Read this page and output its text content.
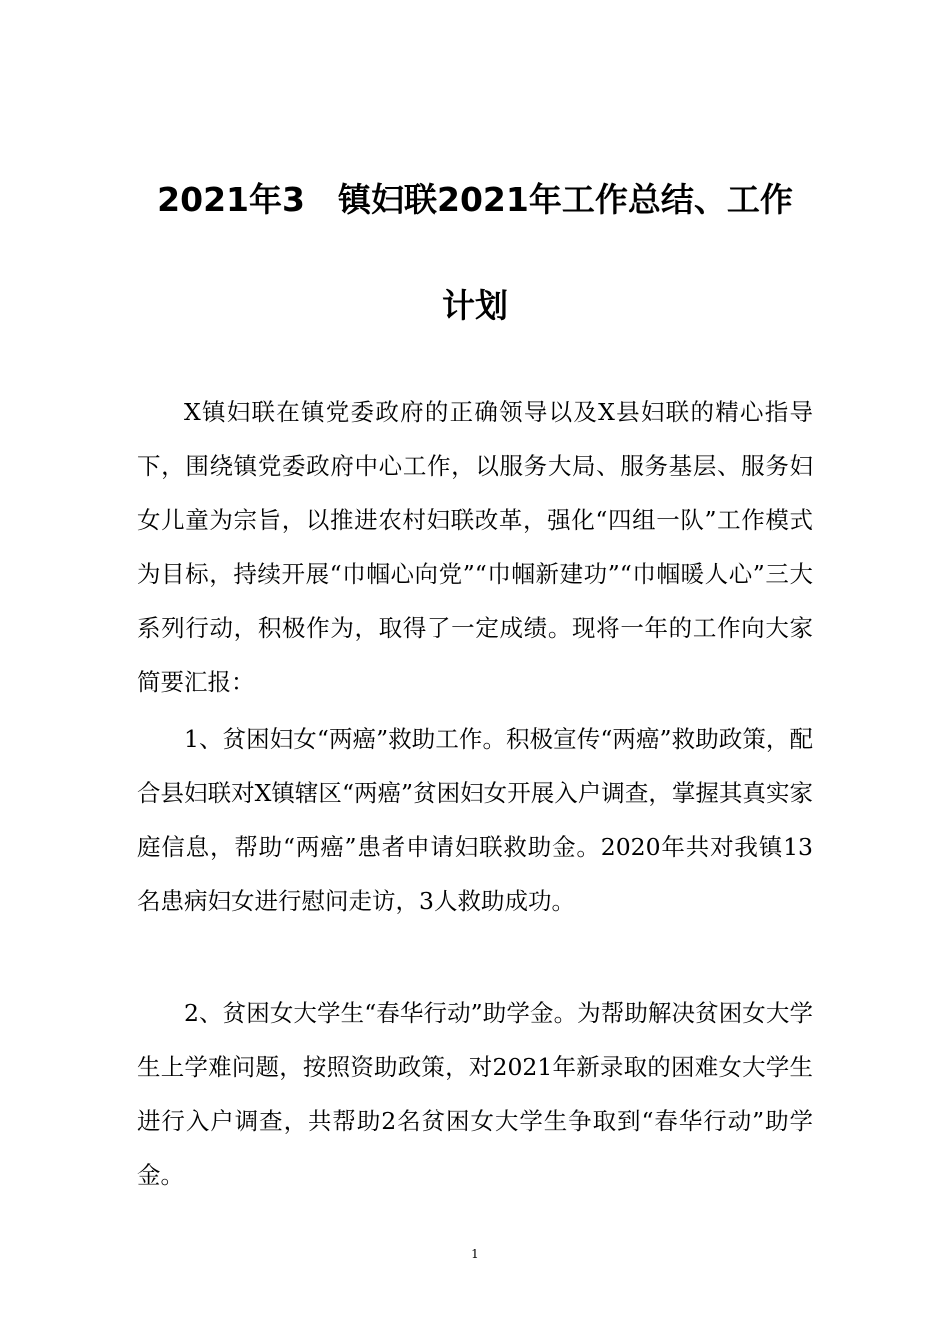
2021年3　镇妇联2021年工作总结、工作
计划

X镇妇联在镇党委政府的正确领导以及X县妇联的精心指导下，围绕镇党委政府中心工作，以服务大局、服务基层、服务妇女儿童为宗旨，以推进农村妇联改革，强化“四组一队”工作模式为目标，持续开展“巾帼心向党”“巾帼新建功”“巾帼暖人心”三大系列行动，积极作为，取得了一定成绩。现将一年的工作向大家简要汇报：

1、贫困妇女“两癌”救助工作。积极宣传“两癌”救助政策，配合县妇联对X镇辖区“两癌”贫困妇女开展入户调查，掌握其真实家庭信息，帮助“两癌”患者申请妇联救助金。2020年共对我镇13名患病妇女进行慰问走访，3人救助成功。

2、贫困女大学生“春华行动”助学金。为帮助解决贫困女大学生上学难问题，按照资助政策，对2021年新录取的困难女大学生进行入户调查，共帮助2名贫困女大学生争取到“春华行动”助学金。

1
